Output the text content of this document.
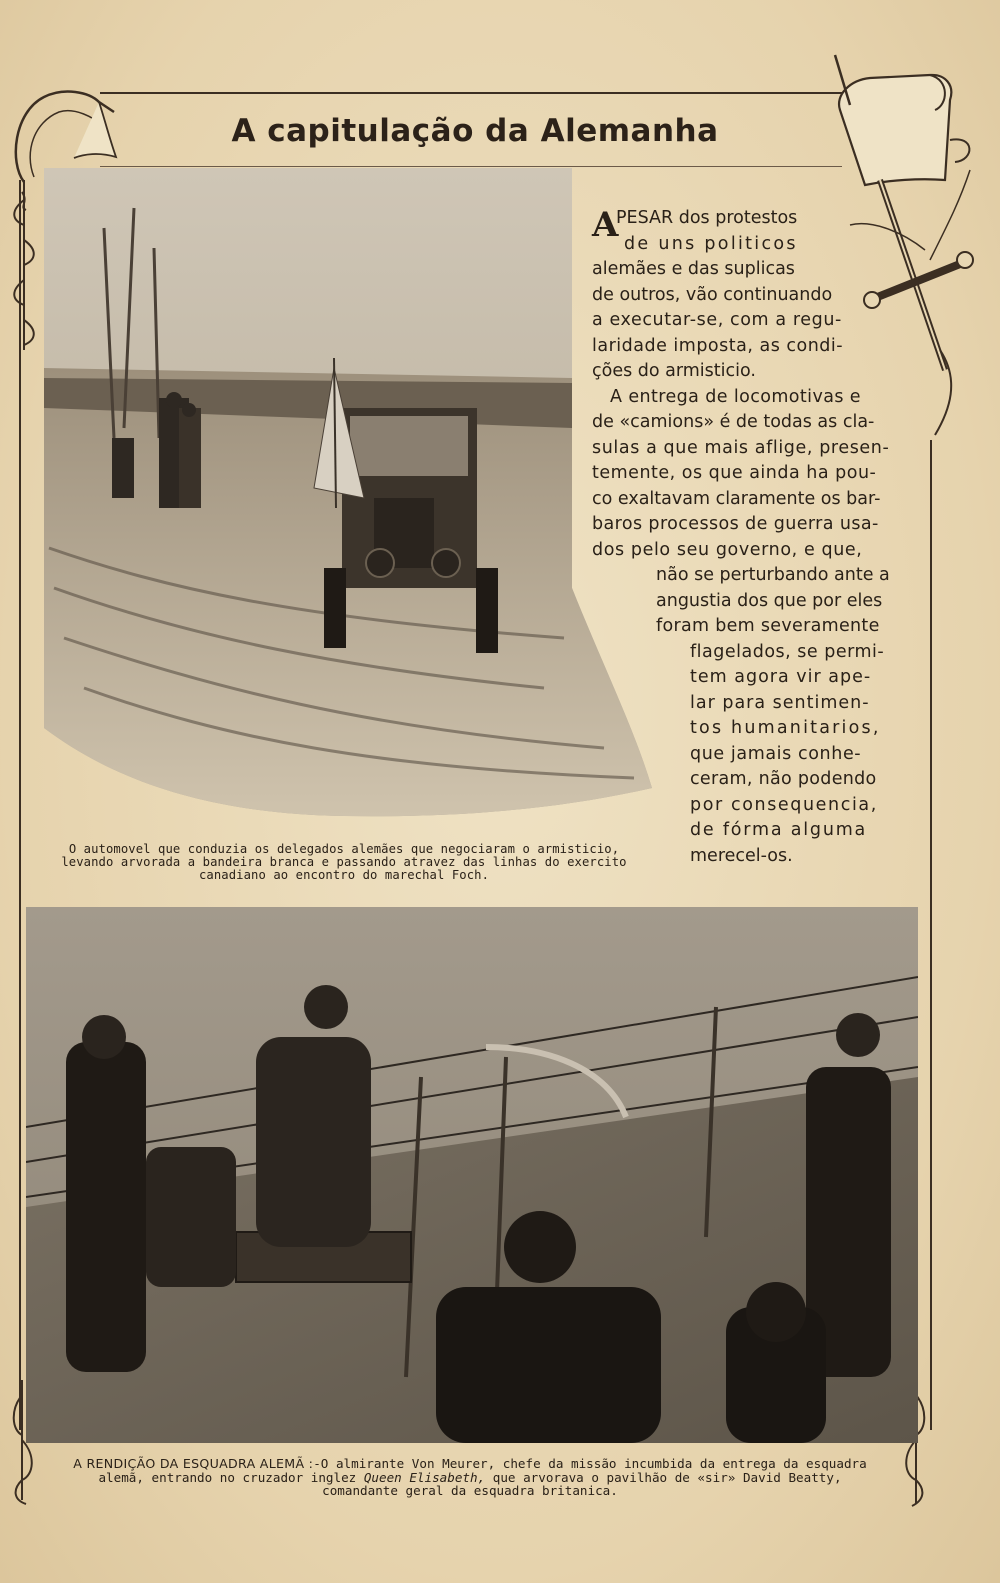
A capitulação da Alemanha
O automovel que conduzia os delegados alemães que negociaram o armisticio, levando arvorada a bandeira branca e passando atravez das linhas do exercito canadiano ao encontro do marechal Foch.
A
PESAR dos protestos
de uns politicos
alemães e das suplicas
de outros, vão continuando
a executar-se, com a regu-
laridade imposta, as condi-
ções do armisticio.
A entrega de locomotivas e
de «camions» é de todas as cla-
sulas a que mais aflige, presen-
temente, os que ainda ha pou-
co exaltavam claramente os bar-
baros processos de guerra usa-
dos pelo seu governo, e que,
não se perturbando ante a
angustia dos que por eles
foram bem severamente
flagelados, se permi-
tem agora vir ape-
lar para sentimen-
tos humanitarios,
que jamais conhe-
ceram, não podendo
por consequencia,
de fórma alguma
merecel-os.
A RENDIÇÃO DA ESQUADRA ALEMÃ :-O almirante Von Meurer, chefe da missão incumbida da entrega da esquadra alemã, entrando no cruzador inglez Queen Elisabeth, que arvorava o pavilhão de «sir» David Beatty, comandante geral da esquadra britanica.
